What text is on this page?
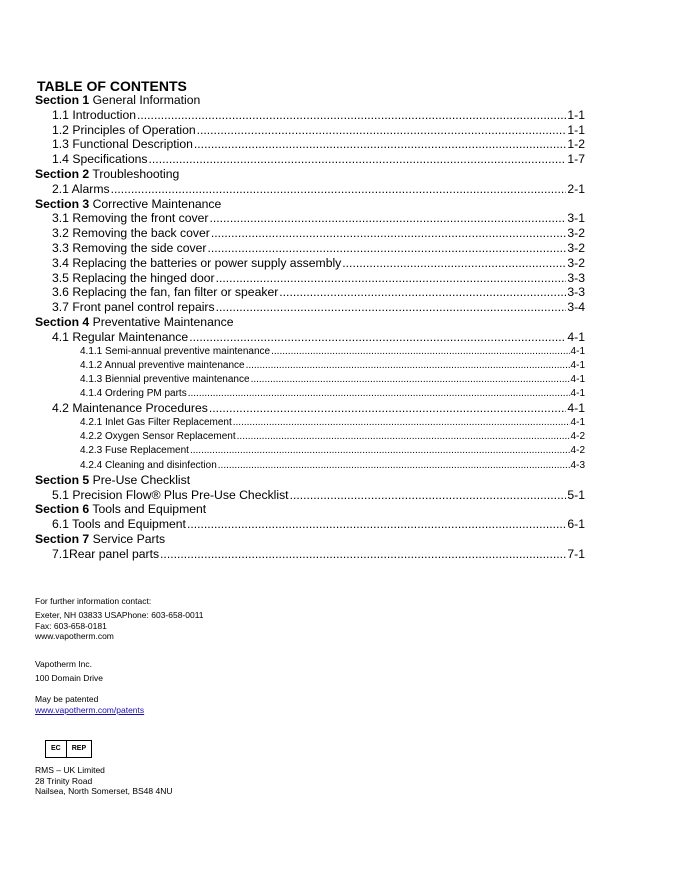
TABLE OF CONTENTS
Section 1 General Information
1.1 Introduction .....	1-1
1.2 Principles of Operation .....	1-1
1.3 Functional Description .....	1-2
1.4 Specifications .....	1-7
Section 2 Troubleshooting
2.1 Alarms .....	2-1
Section 3 Corrective Maintenance
3.1 Removing the front cover .....	3-1
3.2 Removing the back cover .....	3-2
3.3 Removing the side cover .....	3-2
3.4 Replacing the batteries or power supply assembly .....	3-2
3.5 Replacing the hinged door .....	3-3
3.6 Replacing the fan, fan filter or speaker .....	3-3
3.7 Front panel control repairs .....	3-4
Section 4 Preventative Maintenance
4.1 Regular Maintenance .....	4-1
4.1.1 Semi-annual preventive maintenance .....	4-1
4.1.2 Annual preventive maintenance .....	4-1
4.1.3 Biennial preventive maintenance .....	4-1
4.1.4 Ordering PM parts .....	4-1
4.2 Maintenance Procedures .....	4-1
4.2.1 Inlet Gas Filter Replacement .....	4-1
4.2.2 Oxygen Sensor Replacement .....	4-2
4.2.3 Fuse Replacement .....	4-2
4.2.4 Cleaning and disinfection .....	4-3
Section 5 Pre-Use Checklist
5.1 Precision Flow® Plus Pre-Use Checklist .....	5-1
Section 6 Tools and Equipment
6.1 Tools and Equipment .....	6-1
Section 7 Service Parts
7.1Rear panel parts .....	7-1

For further information contact:

Exeter, NH 03833 USAPhone: 603-658-0011

Fax: 603-658-0181

www.vapotherm.com

Vapotherm Inc.

100 Domain Drive

May be patented

www.vapotherm.com/patents

EC	REP

RMS – UK Limited

28 Trinity Road

Nailsea, North Somerset, BS48 4NU
